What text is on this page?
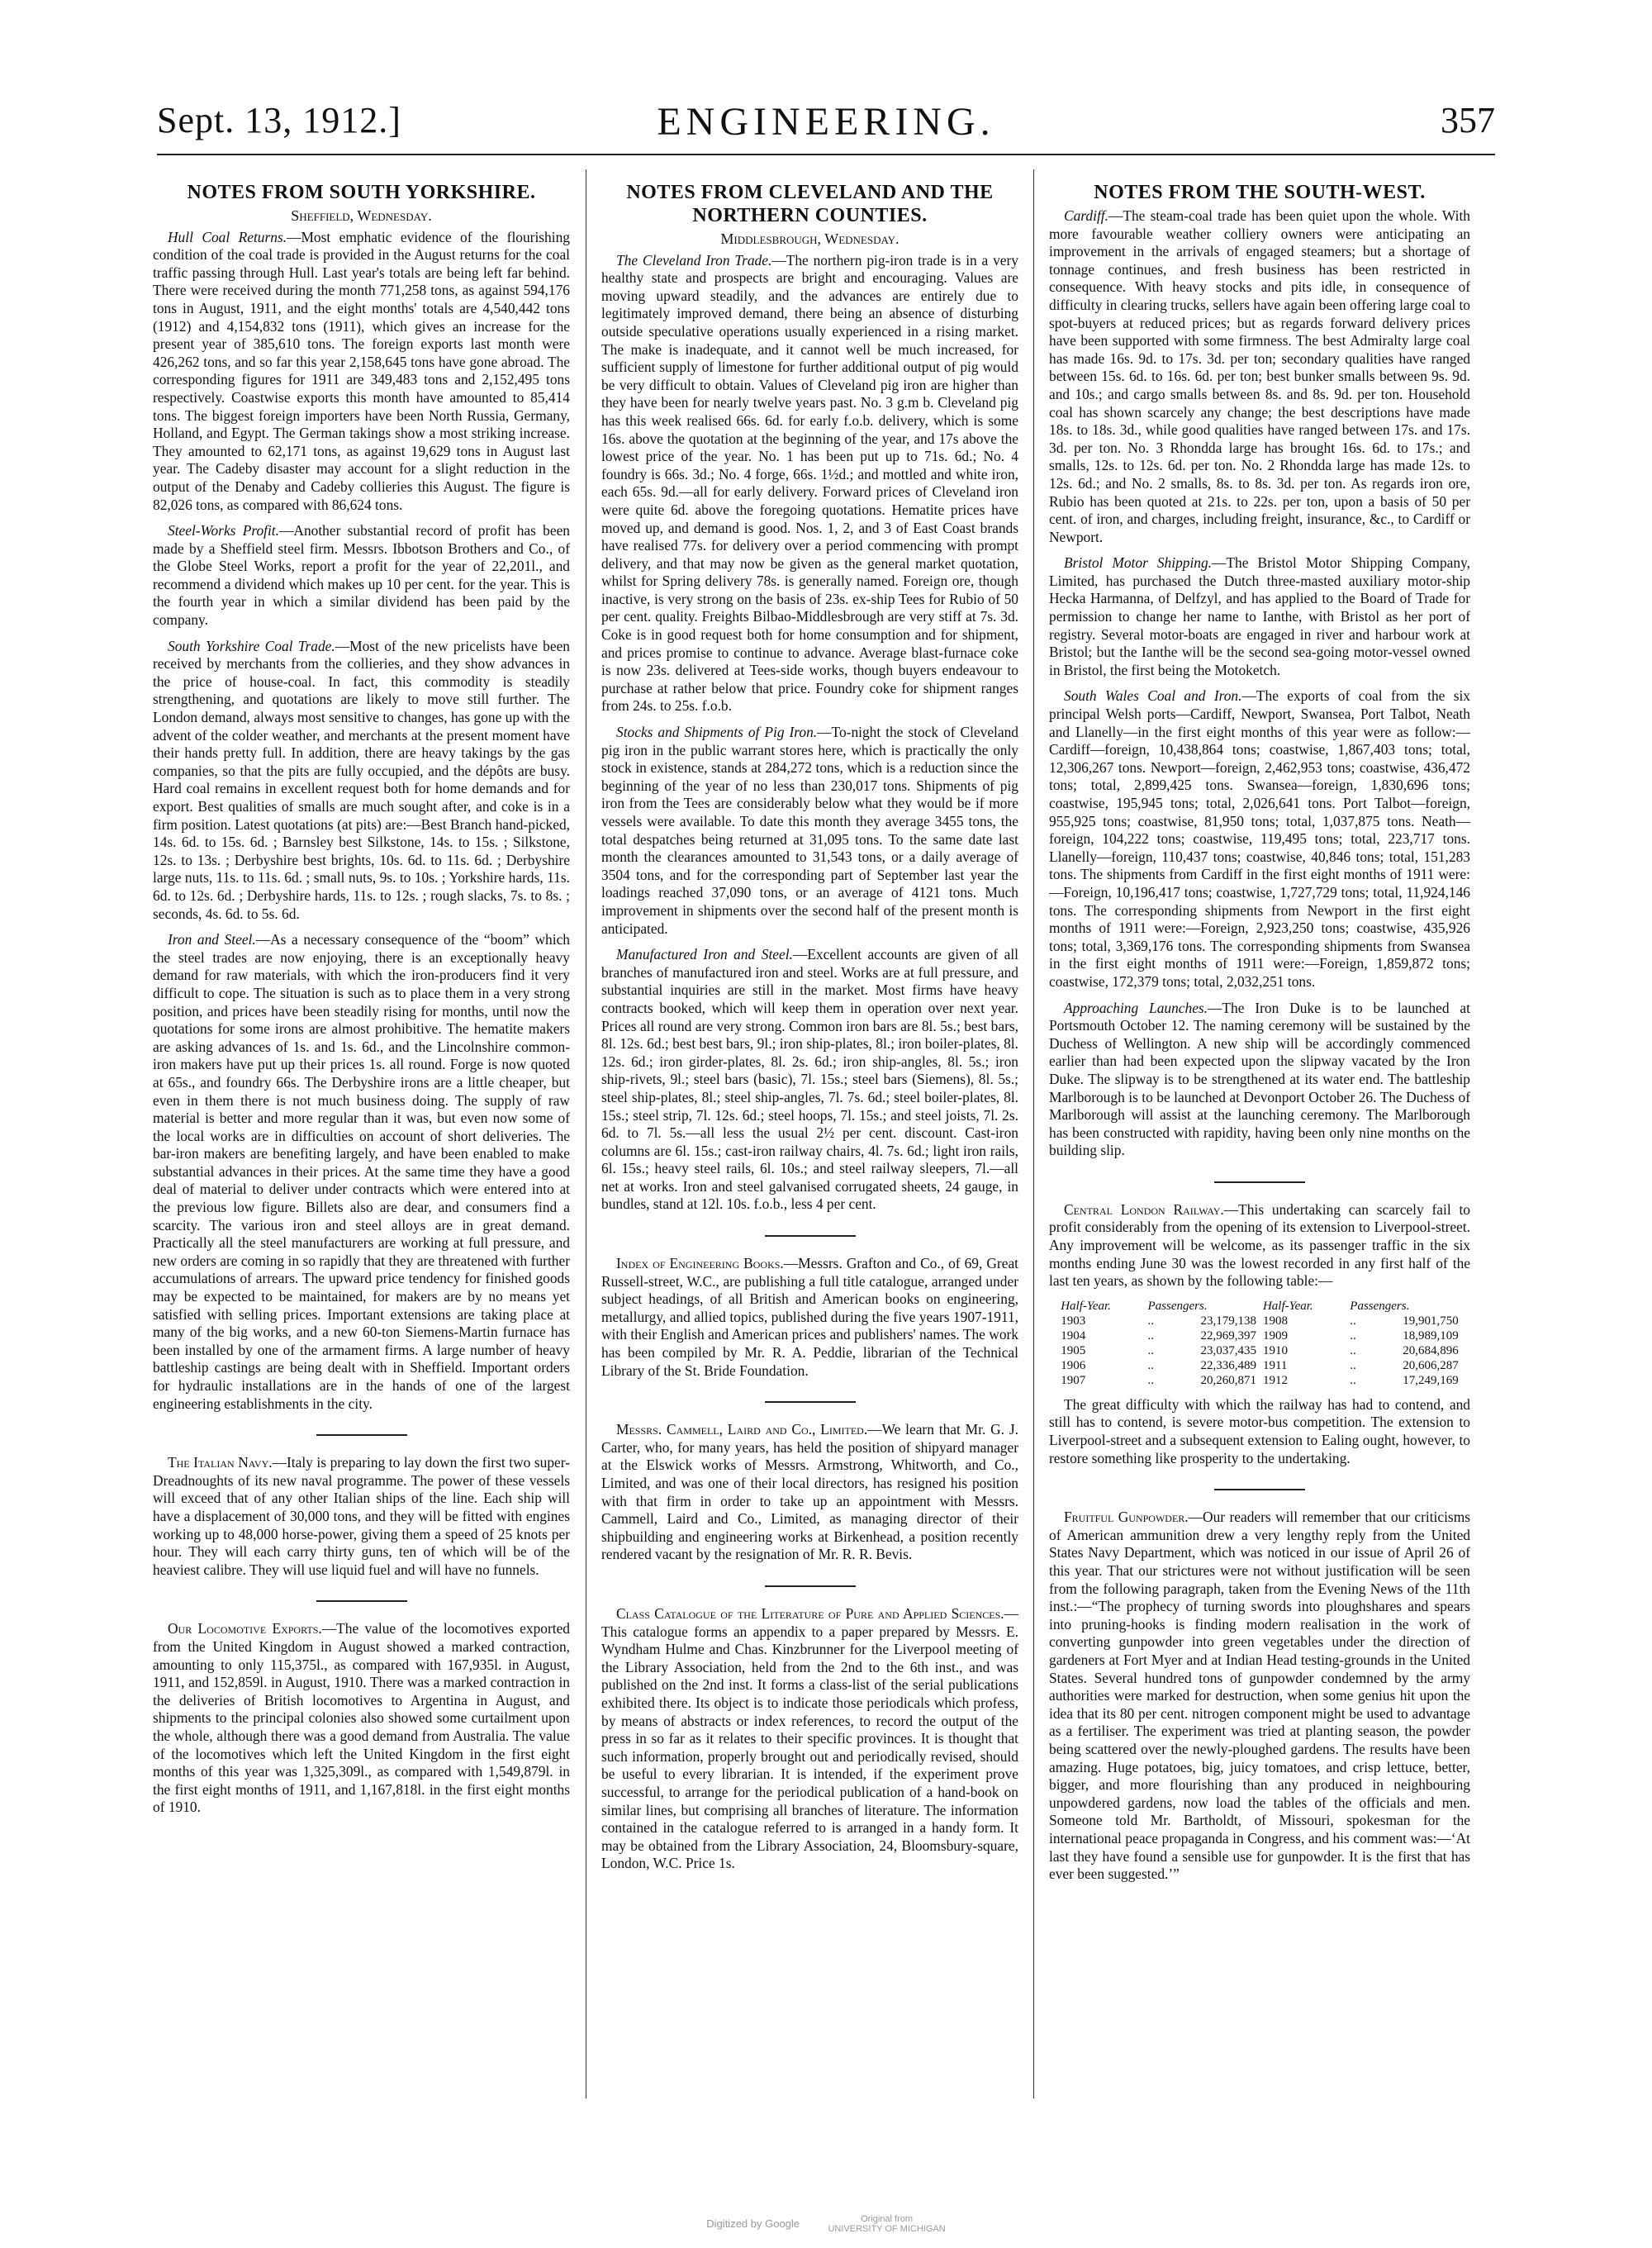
Sept. 13, 1912.]	ENGINEERING.	357
NOTES FROM SOUTH YORKSHIRE.
Sheffield, Wednesday.

Hull Coal Returns.—Most emphatic evidence of the flourishing condition of the coal trade is provided in the August returns for the coal traffic passing through Hull. Last year's totals are being left far behind. There were received during the month 771,258 tons, as against 594,176 tons in August, 1911, and the eight months' totals are 4,540,442 tons (1912) and 4,154,832 tons (1911), which gives an increase for the present year of 385,610 tons. The foreign exports last month were 426,262 tons, and so far this year 2,158,645 tons have gone abroad. The corresponding figures for 1911 are 349,483 tons and 2,152,495 tons respectively. Coastwise exports this month have amounted to 85,414 tons. The biggest foreign importers have been North Russia, Germany, Holland, and Egypt. The German takings show a most striking increase. They amounted to 62,171 tons, as against 19,629 tons in August last year. The Cadeby disaster may account for a slight reduction in the output of the Denaby and Cadeby collieries this August. The figure is 82,026 tons, as compared with 86,624 tons.

Steel-Works Profit.—Another substantial record of profit has been made by a Sheffield steel firm. Messrs. Ibbotson Brothers and Co., of the Globe Steel Works, report a profit for the year of 22,201l., and recommend a dividend which makes up 10 per cent. for the year. This is the fourth year in which a similar dividend has been paid by the company.

South Yorkshire Coal Trade.—Most of the new pricelists have been received by merchants from the collieries, and they show advances in the price of house-coal. In fact, this commodity is steadily strengthening, and quotations are likely to move still further. The London demand, always most sensitive to changes, has gone up with the advent of the colder weather, and merchants at the present moment have their hands pretty full. In addition, there are heavy takings by the gas companies, so that the pits are fully occupied, and the dépôts are busy. Hard coal remains in excellent request both for home demands and for export. Best qualities of smalls are much sought after, and coke is in a firm position. Latest quotations (at pits) are:—Best Branch hand-picked, 14s. 6d. to 15s. 6d. ; Barnsley best Silkstone, 14s. to 15s. ; Silkstone, 12s. to 13s. ; Derbyshire best brights, 10s. 6d. to 11s. 6d. ; Derbyshire large nuts, 11s. to 11s. 6d. ; small nuts, 9s. to 10s. ; Yorkshire hards, 11s. 6d. to 12s. 6d. ; Derbyshire hards, 11s. to 12s. ; rough slacks, 7s. to 8s. ; seconds, 4s. 6d. to 5s. 6d.

Iron and Steel.—As a necessary consequence of the “boom” which the steel trades are now enjoying, there is an exceptionally heavy demand for raw materials, with which the iron-producers find it very difficult to cope. The situation is such as to place them in a very strong position, and prices have been steadily rising for months, until now the quotations for some irons are almost prohibitive. The hematite makers are asking advances of 1s. and 1s. 6d., and the Lincolnshire common-iron makers have put up their prices 1s. all round. Forge is now quoted at 65s., and foundry 66s. The Derbyshire irons are a little cheaper, but even in them there is not much business doing. The supply of raw material is better and more regular than it was, but even now some of the local works are in difficulties on account of short deliveries. The bar-iron makers are benefiting largely, and have been enabled to make substantial advances in their prices. At the same time they have a good deal of material to deliver under contracts which were entered into at the previous low figure. Billets also are dear, and consumers find a scarcity. The various iron and steel alloys are in great demand. Practically all the steel manufacturers are working at full pressure, and new orders are coming in so rapidly that they are threatened with further accumulations of arrears. The upward price tendency for finished goods may be expected to be maintained, for makers are by no means yet satisfied with selling prices. Important extensions are taking place at many of the big works, and a new 60-ton Siemens-Martin furnace has been installed by one of the armament firms. A large number of heavy battleship castings are being dealt with in Sheffield. Important orders for hydraulic installations are in the hands of one of the largest engineering establishments in the city.

The Italian Navy.—Italy is preparing to lay down the first two super-Dreadnoughts of its new naval programme. The power of these vessels will exceed that of any other Italian ships of the line. Each ship will have a displacement of 30,000 tons, and they will be fitted with engines working up to 48,000 horse-power, giving them a speed of 25 knots per hour. They will each carry thirty guns, ten of which will be of the heaviest calibre. They will use liquid fuel and will have no funnels.

Our Locomotive Exports.—The value of the locomotives exported from the United Kingdom in August showed a marked contraction, amounting to only 115,375l., as compared with 167,935l. in August, 1911, and 152,859l. in August, 1910. There was a marked contraction in the deliveries of British locomotives to Argentina in August, and shipments to the principal colonies also showed some curtailment upon the whole, although there was a good demand from Australia. The value of the locomotives which left the United Kingdom in the first eight months of this year was 1,325,309l., as compared with 1,549,879l. in the first eight months of 1911, and 1,167,818l. in the first eight months of 1910.

NOTES FROM CLEVELAND AND THE NORTHERN COUNTIES.
Middlesbrough, Wednesday.

The Cleveland Iron Trade.—The northern pig-iron trade is in a very healthy state and prospects are bright and encouraging. Values are moving upward steadily, and the advances are entirely due to legitimately improved demand, there being an absence of disturbing outside speculative operations usually experienced in a rising market. The make is inadequate, and it cannot well be much increased, for sufficient supply of limestone for further additional output of pig would be very difficult to obtain. Values of Cleveland pig iron are higher than they have been for nearly twelve years past. No. 3 g.m b. Cleveland pig has this week realised 66s. 6d. for early f.o.b. delivery, which is some 16s. above the quotation at the beginning of the year, and 17s above the lowest price of the year. No. 1 has been put up to 71s. 6d.; No. 4 foundry is 66s. 3d.; No. 4 forge, 66s. 1½d.; and mottled and white iron, each 65s. 9d.—all for early delivery. Forward prices of Cleveland iron were quite 6d. above the foregoing quotations. Hematite prices have moved up, and demand is good. Nos. 1, 2, and 3 of East Coast brands have realised 77s. for delivery over a period commencing with prompt delivery, and that may now be given as the general market quotation, whilst for Spring delivery 78s. is generally named. Foreign ore, though inactive, is very strong on the basis of 23s. ex-ship Tees for Rubio of 50 per cent. quality. Freights Bilbao-Middlesbrough are very stiff at 7s. 3d. Coke is in good request both for home consumption and for shipment, and prices promise to continue to advance. Average blast-furnace coke is now 23s. delivered at Tees-side works, though buyers endeavour to purchase at rather below that price. Foundry coke for shipment ranges from 24s. to 25s. f.o.b.

Stocks and Shipments of Pig Iron.—To-night the stock of Cleveland pig iron in the public warrant stores here, which is practically the only stock in existence, stands at 284,272 tons, which is a reduction since the beginning of the year of no less than 230,017 tons. Shipments of pig iron from the Tees are considerably below what they would be if more vessels were available. To date this month they average 3455 tons, the total despatches being returned at 31,095 tons. To the same date last month the clearances amounted to 31,543 tons, or a daily average of 3504 tons, and for the corresponding part of September last year the loadings reached 37,090 tons, or an average of 4121 tons. Much improvement in shipments over the second half of the present month is anticipated.

Manufactured Iron and Steel.—Excellent accounts are given of all branches of manufactured iron and steel. Works are at full pressure, and substantial inquiries are still in the market. Most firms have heavy contracts booked, which will keep them in operation over next year. Prices all round are very strong. Common iron bars are 8l. 5s.; best bars, 8l. 12s. 6d.; best best bars, 9l.; iron ship-plates, 8l.; iron boiler-plates, 8l. 12s. 6d.; iron girder-plates, 8l. 2s. 6d.; iron ship-angles, 8l. 5s.; iron ship-rivets, 9l.; steel bars (basic), 7l. 15s.; steel bars (Siemens), 8l. 5s.; steel ship-plates, 8l.; steel ship-angles, 7l. 7s. 6d.; steel boiler-plates, 8l. 15s.; steel strip, 7l. 12s. 6d.; steel hoops, 7l. 15s.; and steel joists, 7l. 2s. 6d. to 7l. 5s.—all less the usual 2½ per cent. discount. Cast-iron columns are 6l. 15s.; cast-iron railway chairs, 4l. 7s. 6d.; light iron rails, 6l. 15s.; heavy steel rails, 6l. 10s.; and steel railway sleepers, 7l.—all net at works. Iron and steel galvanised corrugated sheets, 24 gauge, in bundles, stand at 12l. 10s. f.o.b., less 4 per cent.

Index of Engineering Books.—Messrs. Grafton and Co., of 69, Great Russell-street, W.C., are publishing a full title catalogue, arranged under subject headings, of all British and American books on engineering, metallurgy, and allied topics, published during the five years 1907-1911, with their English and American prices and publishers' names. The work has been compiled by Mr. R. A. Peddie, librarian of the Technical Library of the St. Bride Foundation.

Messrs. Cammell, Laird and Co., Limited.—We learn that Mr. G. J. Carter, who, for many years, has held the position of shipyard manager at the Elswick works of Messrs. Armstrong, Whitworth, and Co., Limited, and was one of their local directors, has resigned his position with that firm in order to take up an appointment with Messrs. Cammell, Laird and Co., Limited, as managing director of their shipbuilding and engineering works at Birkenhead, a position recently rendered vacant by the resignation of Mr. R. R. Bevis.

Class Catalogue of the Literature of Pure and Applied Sciences.—This catalogue forms an appendix to a paper prepared by Messrs. E. Wyndham Hulme and Chas. Kinzbrunner for the Liverpool meeting of the Library Association, held from the 2nd to the 6th inst., and was published on the 2nd inst. It forms a class-list of the serial publications exhibited there. Its object is to indicate those periodicals which profess, by means of abstracts or index references, to record the output of the press in so far as it relates to their specific provinces. It is thought that such information, properly brought out and periodically revised, should be useful to every librarian. It is intended, if the experiment prove successful, to arrange for the periodical publication of a hand-book on similar lines, but comprising all branches of literature. The information contained in the catalogue referred to is arranged in a handy form. It may be obtained from the Library Association, 24, Bloomsbury-square, London, W.C. Price 1s.

NOTES FROM THE SOUTH-WEST.

Cardiff.—The steam-coal trade has been quiet upon the whole. With more favourable weather colliery owners were anticipating an improvement in the arrivals of engaged steamers; but a shortage of tonnage continues, and fresh business has been restricted in consequence. With heavy stocks and pits idle, in consequence of difficulty in clearing trucks, sellers have again been offering large coal to spot-buyers at reduced prices; but as regards forward delivery prices have been supported with some firmness. The best Admiralty large coal has made 16s. 9d. to 17s. 3d. per ton; secondary qualities have ranged between 15s. 6d. to 16s. 6d. per ton; best bunker smalls between 9s. 9d. and 10s.; and cargo smalls between 8s. and 8s. 9d. per ton. Household coal has shown scarcely any change; the best descriptions have made 18s. to 18s. 3d., while good qualities have ranged between 17s. and 17s. 3d. per ton. No. 3 Rhondda large has brought 16s. 6d. to 17s.; and smalls, 12s. to 12s. 6d. per ton. No. 2 Rhondda large has made 12s. to 12s. 6d.; and No. 2 smalls, 8s. to 8s. 3d. per ton. As regards iron ore, Rubio has been quoted at 21s. to 22s. per ton, upon a basis of 50 per cent. of iron, and charges, including freight, insurance, &c., to Cardiff or Newport.

Bristol Motor Shipping.—The Bristol Motor Shipping Company, Limited, has purchased the Dutch three-masted auxiliary motor-ship Hecka Harmanna, of Delfzyl, and has applied to the Board of Trade for permission to change her name to Ianthe, with Bristol as her port of registry. Several motor-boats are engaged in river and harbour work at Bristol; but the Ianthe will be the second sea-going motor-vessel owned in Bristol, the first being the Motoketch.

South Wales Coal and Iron.—The exports of coal from the six principal Welsh ports—Cardiff, Newport, Swansea, Port Talbot, Neath and Llanelly—in the first eight months of this year were as follow:—Cardiff—foreign, 10,438,864 tons; coastwise, 1,867,403 tons; total, 12,306,267 tons. Newport—foreign, 2,462,953 tons; coastwise, 436,472 tons; total, 2,899,425 tons. Swansea—foreign, 1,830,696 tons; coastwise, 195,945 tons; total, 2,026,641 tons. Port Talbot—foreign, 955,925 tons; coastwise, 81,950 tons; total, 1,037,875 tons. Neath—foreign, 104,222 tons; coastwise, 119,495 tons; total, 223,717 tons. Llanelly—foreign, 110,437 tons; coastwise, 40,846 tons; total, 151,283 tons. The shipments from Cardiff in the first eight months of 1911 were:—Foreign, 10,196,417 tons; coastwise, 1,727,729 tons; total, 11,924,146 tons. The corresponding shipments from Newport in the first eight months of 1911 were:—Foreign, 2,923,250 tons; coastwise, 435,926 tons; total, 3,369,176 tons. The corresponding shipments from Swansea in the first eight months of 1911 were:—Foreign, 1,859,872 tons; coastwise, 172,379 tons; total, 2,032,251 tons.

Approaching Launches.—The Iron Duke is to be launched at Portsmouth October 12. The naming ceremony will be sustained by the Duchess of Wellington. A new ship will be accordingly commenced earlier than had been expected upon the slipway vacated by the Iron Duke. The slipway is to be strengthened at its water end. The battleship Marlborough is to be launched at Devonport October 26. The Duchess of Marlborough will assist at the launching ceremony. The Marlborough has been constructed with rapidity, having been only nine months on the building slip.

Central London Railway.—This undertaking can scarcely fail to profit considerably from the opening of its extension to Liverpool-street. Any improvement will be welcome, as its passenger traffic in the six months ending June 30 was the lowest recorded in any first half of the last ten years, as shown by the following table:—

Half-Year.	Passengers.		Half-Year.	Passengers.	
1903	..	23,179,138	1908	..	19,901,750
1904	..	22,969,397	1909	..	18,989,109
1905	..	23,037,435	1910	..	20,684,896
1906	..	22,336,489	1911	..	20,606,287
1907	..	20,260,871	1912	..	17,249,169

The great difficulty with which the railway has had to contend, and still has to contend, is severe motor-bus competition. The extension to Liverpool-street and a subsequent extension to Ealing ought, however, to restore something like prosperity to the undertaking.

Fruitful Gunpowder.—Our readers will remember that our criticisms of American ammunition drew a very lengthy reply from the United States Navy Department, which was noticed in our issue of April 26 of this year. That our strictures were not without justification will be seen from the following paragraph, taken from the Evening News of the 11th inst.:—“The prophecy of turning swords into ploughshares and spears into pruning-hooks is finding modern realisation in the work of converting gunpowder into green vegetables under the direction of gardeners at Fort Myer and at Indian Head testing-grounds in the United States. Several hundred tons of gunpowder condemned by the army authorities were marked for destruction, when some genius hit upon the idea that its 80 per cent. nitrogen component might be used to advantage as a fertiliser. The experiment was tried at planting season, the powder being scattered over the newly-ploughed gardens. The results have been amazing. Huge potatoes, big, juicy tomatoes, and crisp lettuce, better, bigger, and more flourishing than any produced in neighbouring unpowdered gardens, now load the tables of the officials and men. Someone told Mr. Bartholdt, of Missouri, spokesman for the international peace propaganda in Congress, and his comment was:—‘At last they have found a sensible use for gunpowder. It is the first that has ever been suggested.’”

Digitized by Google	Original from
UNIVERSITY OF MICHIGAN
